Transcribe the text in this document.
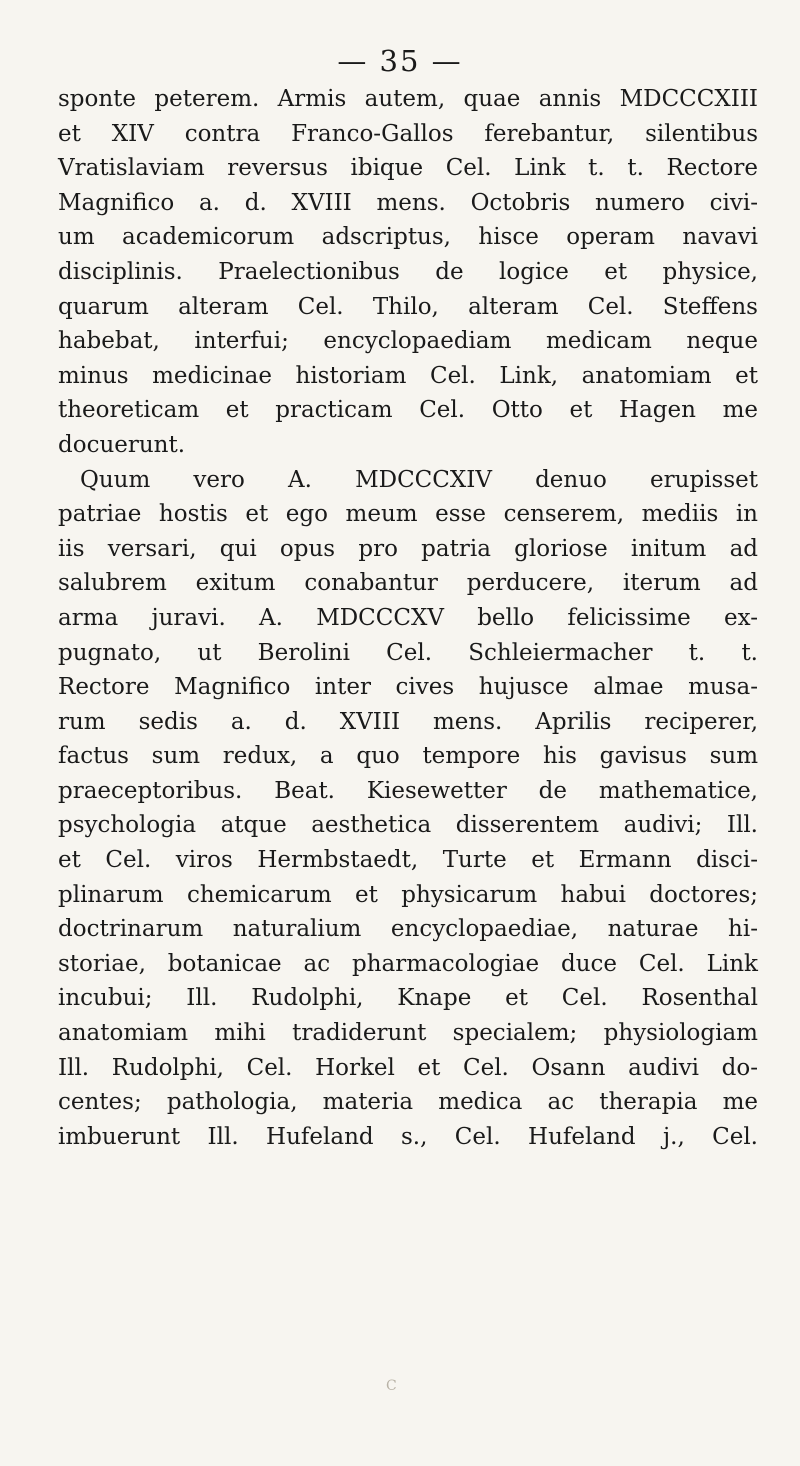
— 35 —
sponte peterem. Armis autem, quae annis MDCCCXIII
et XIV contra Franco-Gallos ferebantur, silentibus
Vratislaviam reversus ibique Cel. Link t. t. Rectore
Magnifico a. d. XVIII mens. Octobris numero civi-
um academicorum adscriptus, hisce operam navavi
disciplinis. Praelectionibus de logice et physice,
quarum alteram Cel. Thilo, alteram Cel. Steffens
habebat, interfui; encyclopaediam medicam neque
minus medicinae historiam Cel. Link, anatomiam et
theoreticam et practicam Cel. Otto et Hagen me
docuerunt.
Quum vero A. MDCCCXIV denuo erupisset
patriae hostis et ego meum esse censerem, mediis in
iis versari, qui opus pro patria gloriose initum ad
salubrem exitum conabantur perducere, iterum ad
arma juravi. A. MDCCCXV bello felicissime ex-
pugnato, ut Berolini Cel. Schleiermacher t. t.
Rectore Magnifico inter cives hujusce almae musa-
rum sedis a. d. XVIII mens. Aprilis reciperer,
factus sum redux, a quo tempore his gavisus sum
praeceptoribus. Beat. Kiesewetter de mathematice,
psychologia atque aesthetica disserentem audivi; Ill.
et Cel. viros Hermbstaedt, Turte et Ermann disci-
plinarum chemicarum et physicarum habui doctores;
doctrinarum naturalium encyclopaediae, naturae hi-
storiae, botanicae ac pharmacologiae duce Cel. Link
incubui; Ill. Rudolphi, Knape et Cel. Rosenthal
anatomiam mihi tradiderunt specialem; physiologiam
Ill. Rudolphi, Cel. Horkel et Cel. Osann audivi do-
centes; pathologia, materia medica ac therapia me
imbuerunt Ill. Hufeland s., Cel. Hufeland j., Cel.
C
